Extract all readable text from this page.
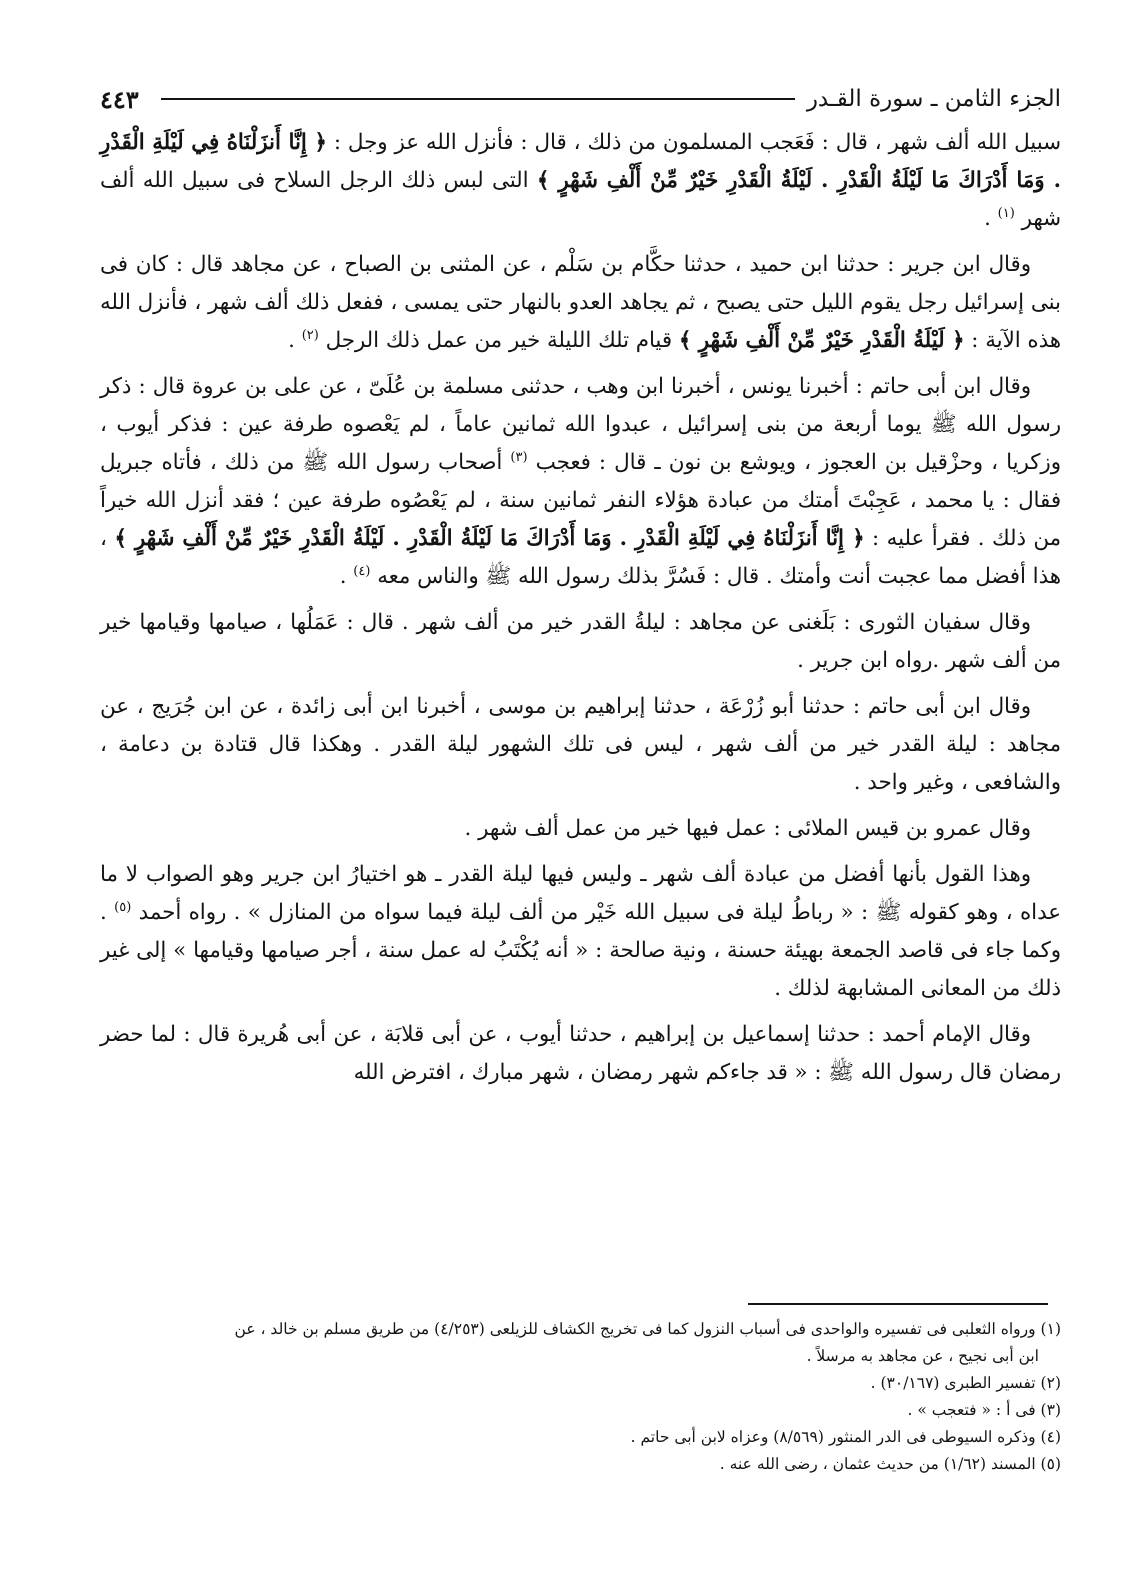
٤٤٣	الجزء الثامن ـ سورة القـدر

سبيل الله ألف شهر ، قال : فَعَجب المسلمون من ذلك ، قال : فأنزل الله عز وجل : ﴿ إِنَّا أَنزَلْنَاهُ فِي لَيْلَةِ الْقَدْرِ . وَمَا أَدْرَاكَ مَا لَيْلَةُ الْقَدْرِ . لَيْلَةُ الْقَدْرِ خَيْرٌ مِّنْ أَلْفِ شَهْرٍ ﴾ التى لبس ذلك الرجل السلاح فى سبيل الله ألف شهر $^{(١)}$ .

وقال ابن جرير : حدثنا ابن حميد ، حدثنا حكَّام بن سَلْم ، عن المثنى بن الصباح ، عن مجاهد قال : كان فى بنى إسرائيل رجل يقوم الليل حتى يصبح ، ثم يجاهد العدو بالنهار حتى يمسى ، ففعل ذلك ألف شهر ، فأنزل الله هذه الآية : ﴿ لَيْلَةُ الْقَدْرِ خَيْرٌ مِّنْ أَلْفِ شَهْرٍ ﴾ قيام تلك الليلة خير من عمل ذلك الرجل $^{(٢)}$ .

وقال ابن أبى حاتم : أخبرنا يونس ، أخبرنا ابن وهب ، حدثنى مسلمة بن عُلَىّ ، عن على بن عروة قال : ذكر رسول الله ﷺ يوما أربعة من بنى إسرائيل ، عبدوا الله ثمانين عاماً ، لم يَعْصوه طرفة عين : فذكر أيوب ، وزكريا ، وحزْقيل بن العجوز ، ويوشع بن نون ـ قال : فعجب $^{(٣)}$ أصحاب رسول الله ﷺ من ذلك ، فأتاه جبريل فقال : يا محمد ، عَجِبْتَ أمتك من عبادة هؤلاء النفر ثمانين سنة ، لم يَعْصُوه طرفة عين ؛ فقد أنزل الله خيراً من ذلك . فقرأ عليه : ﴿ إِنَّا أَنزَلْنَاهُ فِي لَيْلَةِ الْقَدْرِ . وَمَا أَدْرَاكَ مَا لَيْلَةُ الْقَدْرِ . لَيْلَةُ الْقَدْرِ خَيْرٌ مِّنْ أَلْفِ شَهْرٍ ﴾ ، هذا أفضل مما عجبت أنت وأمتك . قال : فَسُرَّ بذلك رسول الله ﷺ والناس معه $^{(٤)}$ .

وقال سفيان الثورى : بَلَغنى عن مجاهد : ليلةُ القدر خير من ألف شهر . قال : عَمَلُها ، صيامها وقيامها خير من ألف شهر .رواه ابن جرير .

وقال ابن أبى حاتم : حدثنا أبو زُرْعَة ، حدثنا إبراهيم بن موسى ، أخبرنا ابن أبى زائدة ، عن ابن جُرَيج ، عن مجاهد : ليلة القدر خير من ألف شهر ، ليس فى تلك الشهور ليلة القدر . وهكذا قال قتادة بن دعامة ، والشافعى ، وغير واحد .

وقال عمرو بن قيس الملائى : عمل فيها خير من عمل ألف شهر .

وهذا القول بأنها أفضل من عبادة ألف شهر ـ وليس فيها ليلة القدر ـ هو اختيارُ ابن جرير وهو الصواب لا ما عداه ، وهو كقوله ﷺ : « رباطُ ليلة فى سبيل الله خَيْر من ألف ليلة فيما سواه من المنازل » . رواه أحمد $^{(٥)}$ . وكما جاء فى قاصد الجمعة بهيئة حسنة ، ونية صالحة : « أنه يُكْتَبُ له عمل سنة ، أجر صيامها وقيامها » إلى غير ذلك من المعانى المشابهة لذلك .

وقال الإمام أحمد : حدثنا إسماعيل بن إبراهيم ، حدثنا أيوب ، عن أبى قلابَة ، عن أبى هُريرة قال : لما حضر رمضان قال رسول الله ﷺ : « قد جاءكم شهر رمضان ، شهر مبارك ، افترض الله

(١) ورواه الثعلبى فى تفسيره والواحدى فى أسباب النزول كما فى تخريج الكشاف للزيلعى (٤/٢٥٣) من طريق مسلم بن خالد ، عن
ابن أبى نجيح ، عن مجاهد به مرسلاً .
(٢) تفسير الطبرى (٣٠/١٦٧) .
(٣) فى أ : « فتعجب » .
(٤) وذكره السيوطى فى الدر المنثور (٨/٥٦٩) وعزاه لابن أبى حاتم .
(٥) المسند (١/٦٢) من حديث عثمان ، رضى الله عنه .
